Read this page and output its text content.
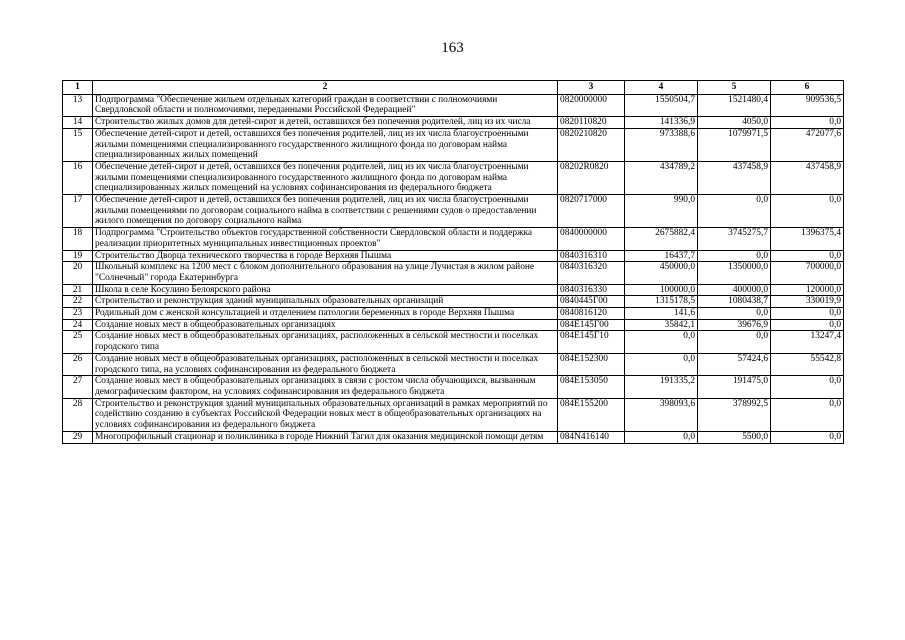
163
1	2	3	4	5	6
13	Подпрограмма "Обеспечение жильем отдельных категорий граждан в соответствии с полномочиями Свердловской области и полномочиями, переданными Российской Федерацией"	0820000000	1550504,7	1521480,4	909536,5
14	Строительство жилых домов для детей-сирот и детей, оставшихся без попечения родителей, лиц из их числа	0820110820	141336,9	4050,0	0,0
15	Обеспечение детей-сирот и детей, оставшихся без попечения родителей, лиц из их числа благоустроенными жилыми помещениями специализированного государственного жилищного фонда по договорам найма специализированных жилых помещений	0820210820	973388,6	1079971,5	472077,6
16	Обеспечение детей-сирот и детей, оставшихся без попечения родителей, лиц из их числа благоустроенными жилыми помещениями специализированного государственного жилищного фонда по договорам найма специализированных жилых помещений на условиях софинансирования из федерального бюджета	08202R0820	434789,2	437458,9	437458,9
17	Обеспечение детей-сирот и детей, оставшихся без попечения родителей, лиц из их числа благоустроенными жилыми помещениями по договорам социального найма в соответствии с решениями судов о предоставлении жилого помещения по договору социального найма	0820717000	990,0	0,0	0,0
18	Подпрограмма "Строительство объектов государственной собственности Свердловской области и поддержка реализации приоритетных муниципальных инвестиционных проектов"	0840000000	2675882,4	3745275,7	1396375,4
19	Строительство Дворца технического творчества в городе Верхняя Пышма	0840316310	16437,7	0,0	0,0
20	Школьный комплекс на 1200 мест с блоком дополнительного образования на улице Лучистая в жилом районе "Солнечный" города Екатеринбурга	0840316320	450000,0	1350000,0	700000,0
21	Школа в селе Косулино Белоярского района	0840316330	100000,0	400000,0	120000,0
22	Строительство и реконструкция зданий муниципальных образовательных организаций	0840445Г00	1315178,5	1080438,7	330019,9
23	Родильный дом с женской консультацией и отделением патологии беременных в городе Верхняя Пышма	0840816120	141,6	0,0	0,0
24	Создание новых мест в общеобразовательных организациях	084E145Г00	35842,1	39676,9	0,0
25	Создание новых мест в общеобразовательных организациях, расположенных в сельской местности и поселках городского типа	084E145Г10	0,0	0,0	13247,4
26	Создание новых мест в общеобразовательных организациях, расположенных в сельской местности и поселках городского типа, на условиях софинансирования из федерального бюджета	084E152300	0,0	57424,6	55542,8
27	Создание новых мест в общеобразовательных организациях в связи с ростом числа обучающихся, вызванным демографическим фактором, на условиях софинансирования из федерального бюджета	084E153050	191335,2	191475,0	0,0
28	Строительство и реконструкция зданий муниципальных образовательных организаций в рамках мероприятий по содействию созданию в субъектах Российской Федерации новых мест в общеобразовательных организациях на условиях софинансирования из федерального бюджета	084E155200	398093,6	378992,5	0,0
29	Многопрофильный стационар и поликлиника в городе Нижний Тагил для оказания медицинской помощи детям	084N416140	0,0	5500,0	0,0
